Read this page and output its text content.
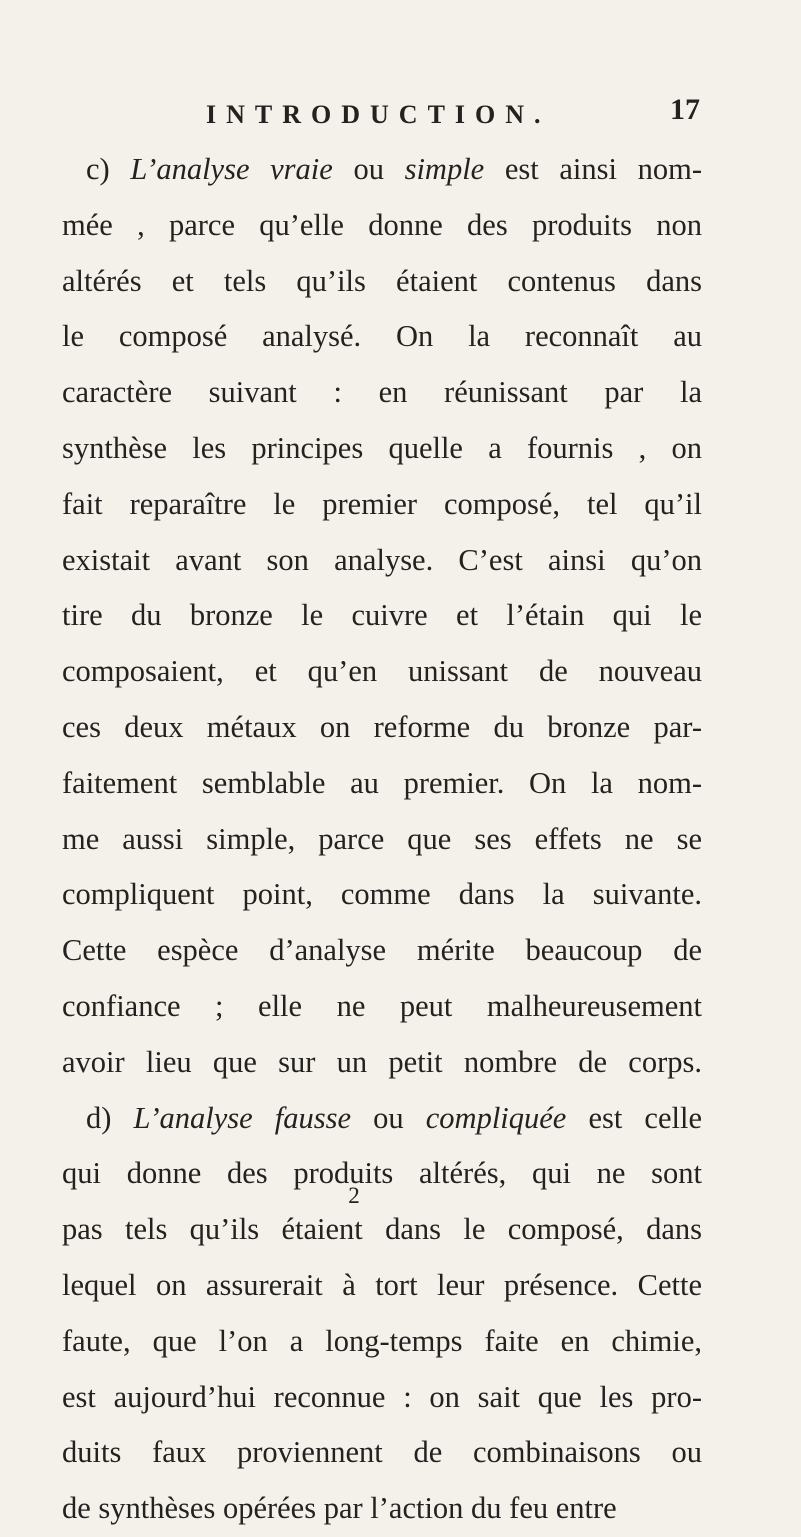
INTRODUCTION.	17
c) L’analyse vraie ou simple est ainsi nom-
mée , parce qu’elle donne des produits non
altérés et tels qu’ils étaient contenus dans
le composé analysé. On la reconnaît au
caractère suivant : en réunissant par la
synthèse les principes quelle a fournis , on
fait reparaître le premier composé, tel qu’il
existait avant son analyse. C’est ainsi qu’on
tire du bronze le cuivre et l’étain qui le
composaient, et qu’en unissant de nouveau
ces deux métaux on reforme du bronze par-
faitement semblable au premier. On la nom-
me aussi simple, parce que ses effets ne se
compliquent point, comme dans la suivante.
Cette espèce d’analyse mérite beaucoup de
confiance ; elle ne peut malheureusement
avoir lieu que sur un petit nombre de corps.
d) L’analyse fausse ou compliquée est celle
qui donne des produits altérés, qui ne sont
pas tels qu’ils étaient dans le composé, dans
lequel on assurerait à tort leur présence. Cette
faute, que l’on a long-temps faite en chimie,
est aujourd’hui reconnue : on sait que les pro-
duits faux proviennent de combinaisons ou
de synthèses opérées par l’action du feu entre
2
